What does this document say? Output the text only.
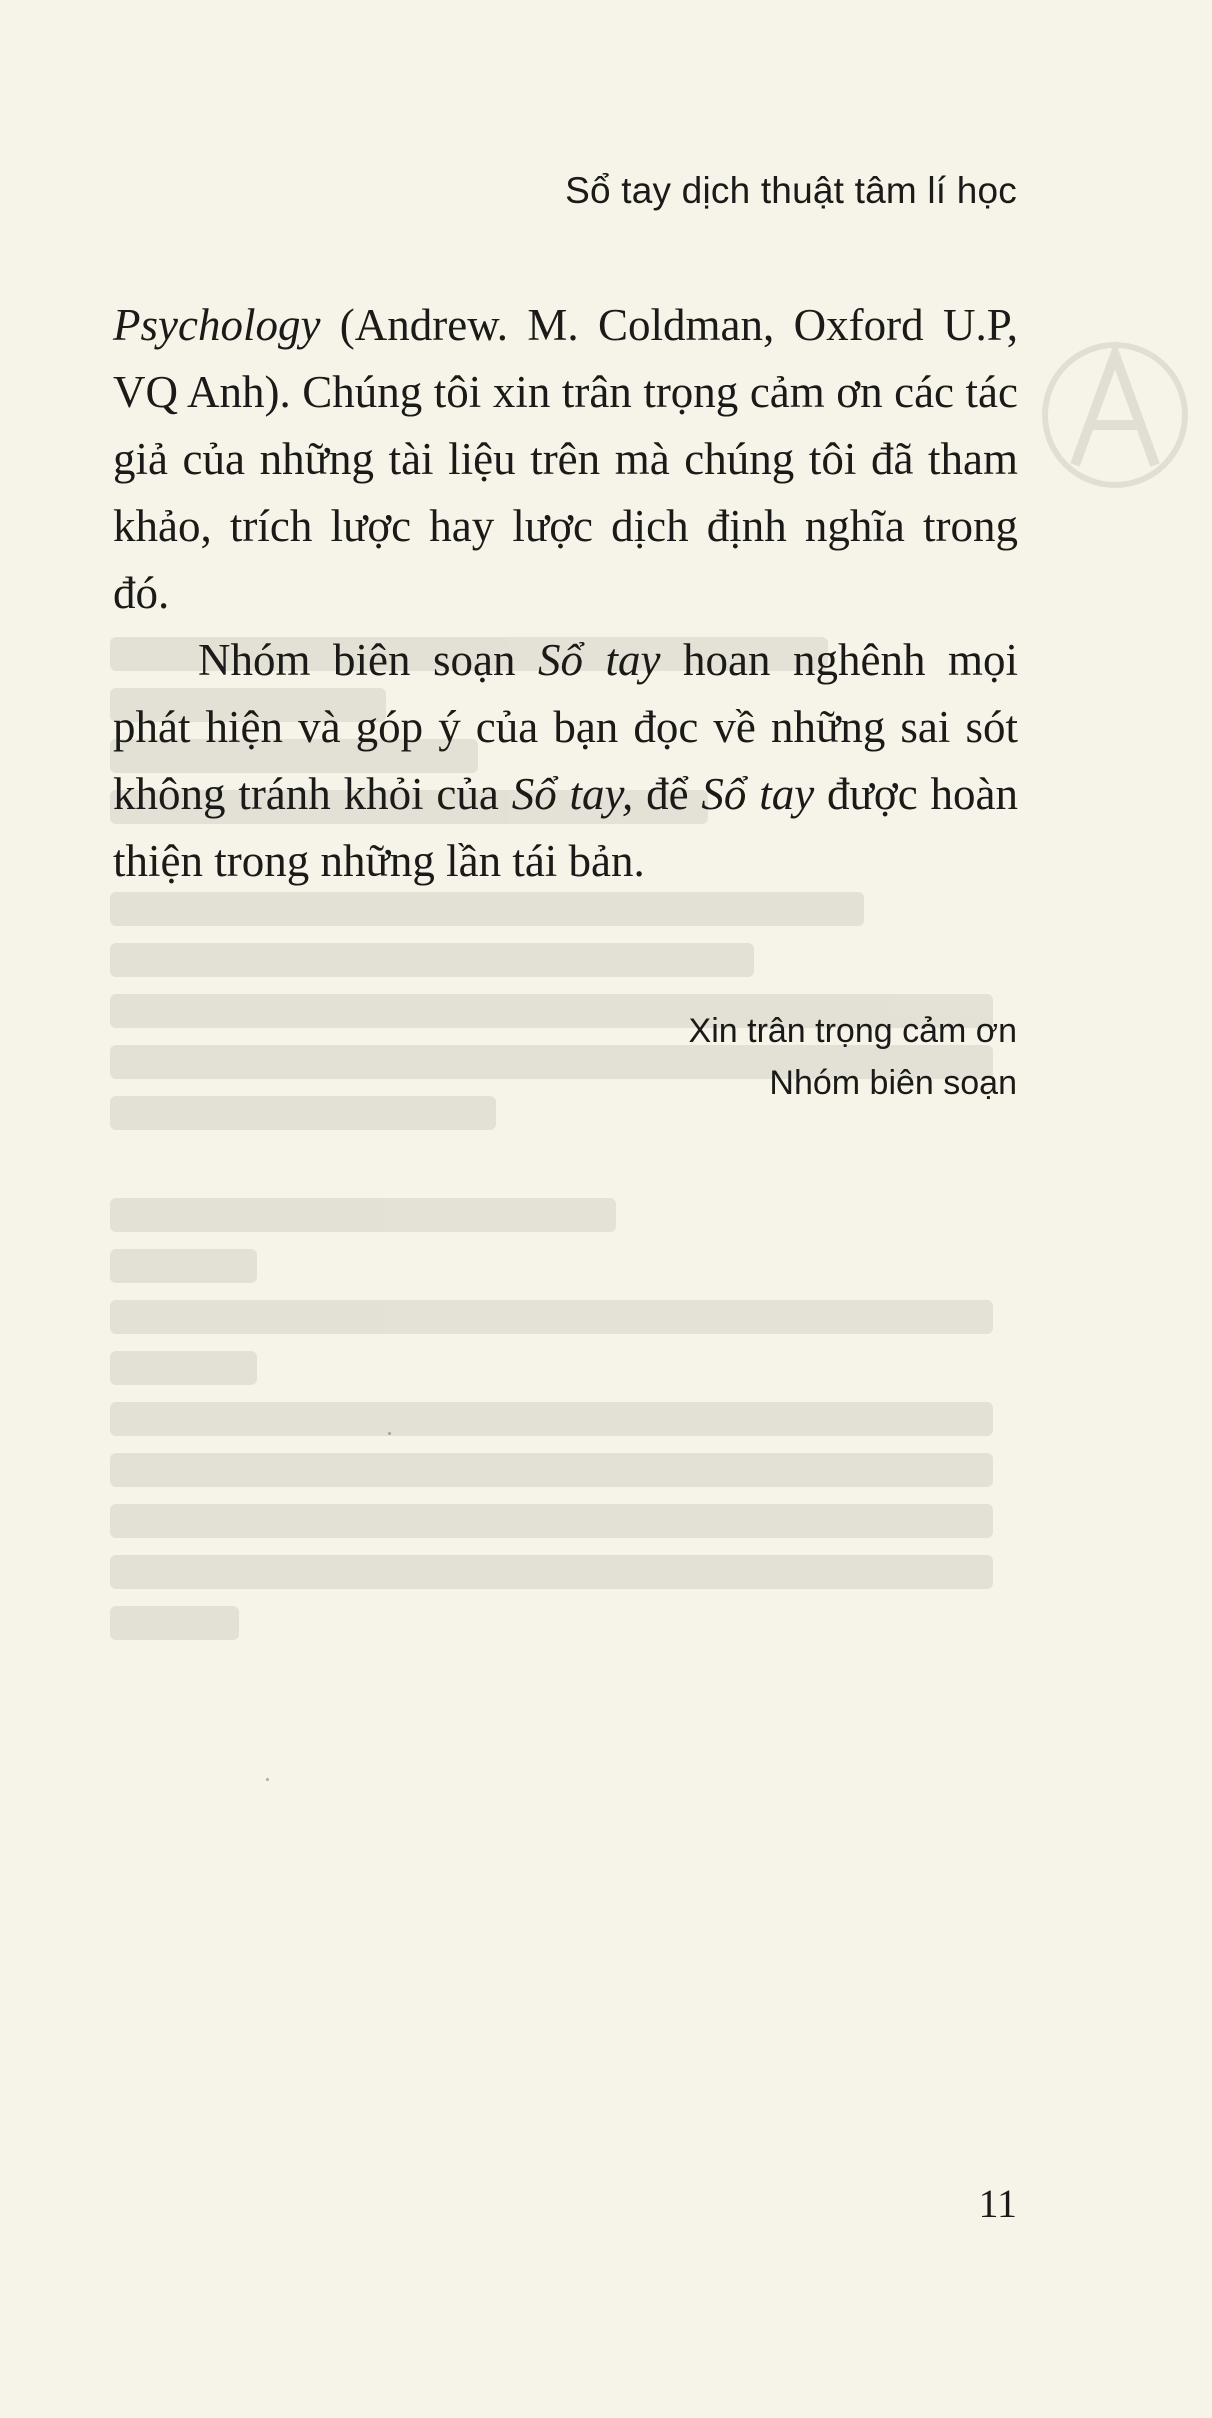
Sổ tay dịch thuật tâm lí học

Psychology (Andrew. M. Coldman, Oxford U.P, VQ Anh). Chúng tôi xin trân trọng cảm ơn các tác giả của những tài liệu trên mà chúng tôi đã tham khảo, trích lược hay lược dịch định nghĩa trong đó.

Nhóm biên soạn Sổ tay hoan nghênh mọi phát hiện và góp ý của bạn đọc về những sai sót không tránh khỏi của Sổ tay, để Sổ tay được hoàn thiện trong những lần tái bản.

Xin trân trọng cảm ơn
Nhóm biên soạn
11
